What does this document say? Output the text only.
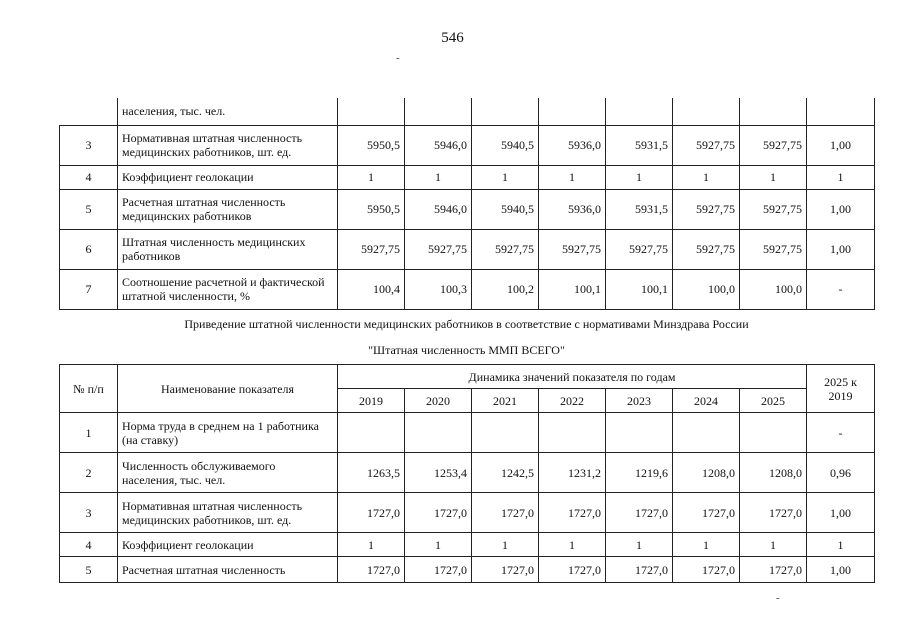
546
	населения, тыс. чел.								
3	Нормативная штатная численность медицинских работников, шт. ед.	5950,5	5946,0	5940,5	5936,0	5931,5	5927,75	5927,75	1,00
4	Коэффициент геолокации	1	1	1	1	1	1	1	1
5	Расчетная штатная численность медицинских работников	5950,5	5946,0	5940,5	5936,0	5931,5	5927,75	5927,75	1,00
6	Штатная численность медицинских работников	5927,75	5927,75	5927,75	5927,75	5927,75	5927,75	5927,75	1,00
7	Соотношение расчетной и фактической штатной численности, %	100,4	100,3	100,2	100,1	100,1	100,0	100,0	-
Приведение штатной численности медицинских работников в соответствие с нормативами Минздрава России
"Штатная численность ММП ВСЕГО"
№ п/п	Наименование показателя	Динамика значений показателя по годам							2025 к 2019
		2019	2020	2021	2022	2023	2024	2025	
1	Норма труда в среднем на 1 работника (на ставку)								-
2	Численность обслуживаемого населения, тыс. чел.	1263,5	1253,4	1242,5	1231,2	1219,6	1208,0	1208,0	0,96
3	Нормативная штатная численность медицинских работников, шт. ед.	1727,0	1727,0	1727,0	1727,0	1727,0	1727,0	1727,0	1,00
4	Коэффициент геолокации	1	1	1	1	1	1	1	1
5	Расчетная штатная численность	1727,0	1727,0	1727,0	1727,0	1727,0	1727,0	1727,0	1,00
-
-
